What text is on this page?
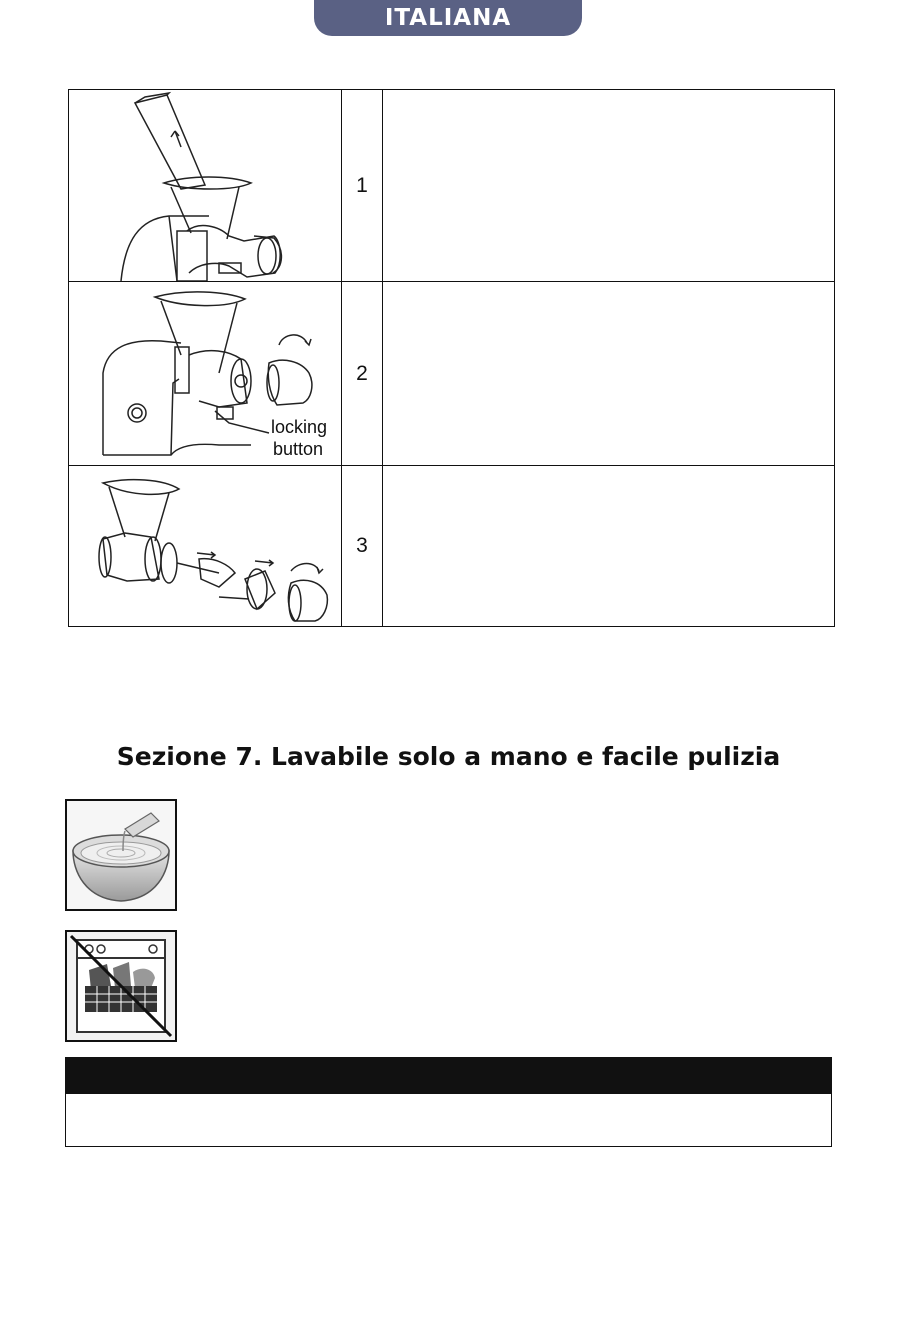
ITALIANA
	1	

locking
button	2	

	3	
Sezione 7. Lavabile solo a mano e facile pulizia
